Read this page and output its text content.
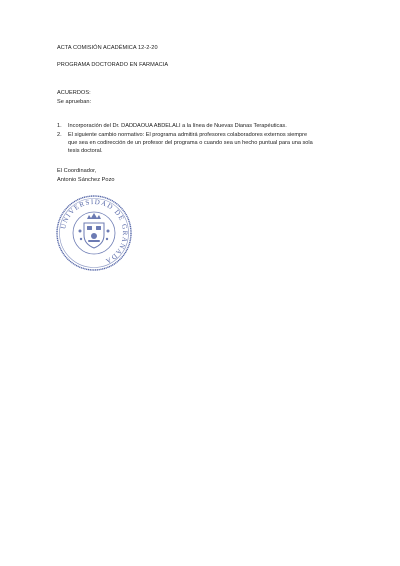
ACTA COMISIÓN ACADÉMICA 12-2-20
PROGRAMA DOCTORADO EN FARMACIA
ACUERDOS:
Se aprueban:
1. Incorporación del Dr. DADDAOUA ABDELALI a la línea de Nuevas Dianas Terapéuticas.
2. El siguiente cambio normativo: El programa admitirá profesores colaboradores externos siempre
que sea en codirección de un profesor del programa o cuando sea un hecho puntual para una sola
tesis doctoral.
El Coordinador,
Antonio Sánchez Pozo
UNIVERSIDAD DE GRANADA
